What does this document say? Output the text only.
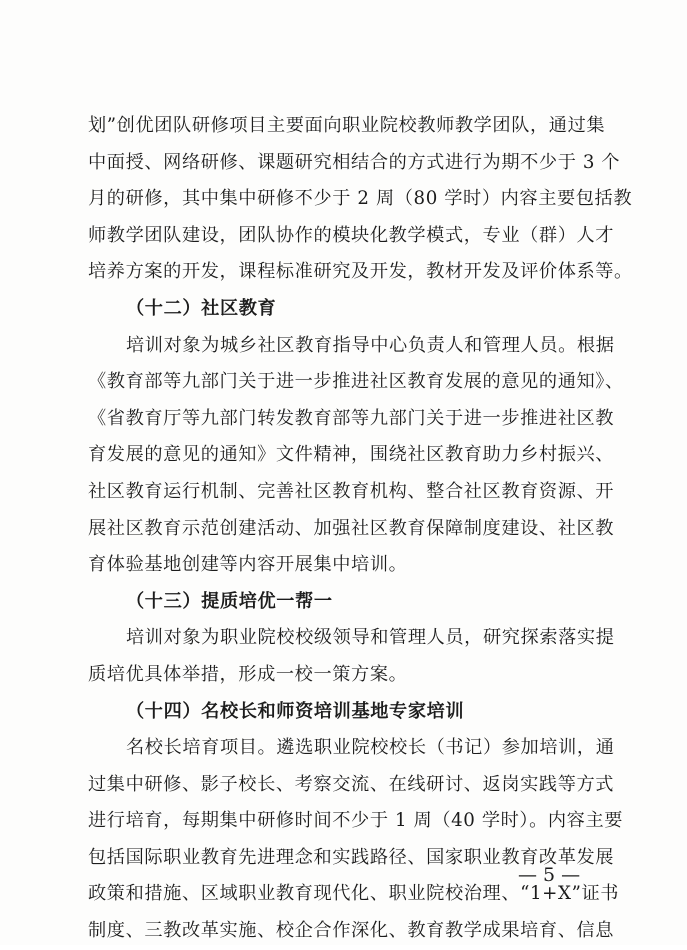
划”创优团队研修项目主要面向职业院校教师教学团队，通过集
中面授、网络研修、课题研究相结合的方式进行为期不少于 3 个
月的研修，其中集中研修不少于 2 周（80 学时）内容主要包括教
师教学团队建设，团队协作的模块化教学模式，专业（群）人才
培养方案的开发，课程标准研究及开发，教材开发及评价体系等。
（十二）社区教育
培训对象为城乡社区教育指导中心负责人和管理人员。根据
《教育部等九部门关于进一步推进社区教育发展的意见的通知》、
《省教育厅等九部门转发教育部等九部门关于进一步推进社区教
育发展的意见的通知》文件精神，围绕社区教育助力乡村振兴、
社区教育运行机制、完善社区教育机构、整合社区教育资源、开
展社区教育示范创建活动、加强社区教育保障制度建设、社区教
育体验基地创建等内容开展集中培训。
（十三）提质培优一帮一
培训对象为职业院校校级领导和管理人员，研究探索落实提
质培优具体举措，形成一校一策方案。
（十四）名校长和师资培训基地专家培训
名校长培育项目。遴选职业院校校长（书记）参加培训，通
过集中研修、影子校长、考察交流、在线研讨、返岗实践等方式
进行培育，每期集中研修时间不少于 1 周（40 学时）。内容主要
包括国际职业教育先进理念和实践路径、国家职业教育改革发展
政策和措施、区域职业教育现代化、职业院校治理、“1+X”证书
制度、三教改革实施、校企合作深化、教育教学成果培育、信息
— 5 —
